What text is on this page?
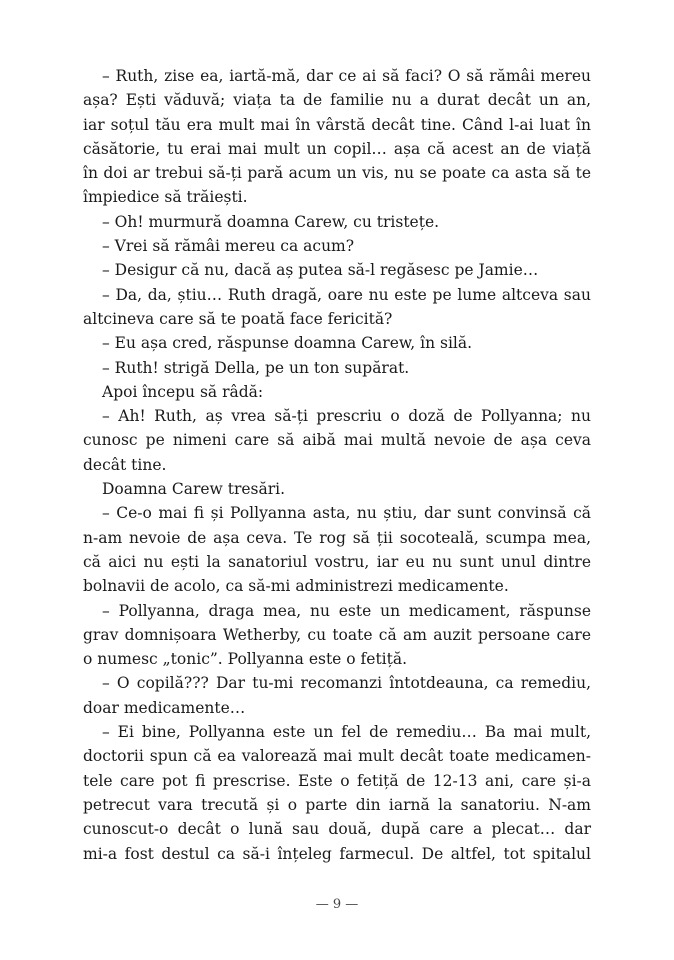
– Ruth, zise ea, iartă-mă, dar ce ai să faci? O să rămâi mereu
așa? Ești văduvă; viața ta de familie nu a durat decât un an,
iar soțul tău era mult mai în vârstă decât tine. Când l-ai luat în
căsătorie, tu erai mai mult un copil… așa că acest an de viață
în doi ar trebui să-ți pară acum un vis, nu se poate ca asta să te
împiedice să trăiești.
– Oh! murmură doamna Carew, cu tristețe.
– Vrei să rămâi mereu ca acum?
– Desigur că nu, dacă aș putea să-l regăsesc pe Jamie…
– Da, da, știu… Ruth dragă, oare nu este pe lume altceva sau
altcineva care să te poată face fericită?
– Eu așa cred, răspunse doamna Carew, în silă.
– Ruth! strigă Della, pe un ton supărat.
Apoi începu să râdă:
– Ah! Ruth, aș vrea să-ți prescriu o doză de Pollyanna; nu
cunosc pe nimeni care să aibă mai multă nevoie de așa ceva
decât tine.
Doamna Carew tresări.
– Ce-o mai fi și Pollyanna asta, nu știu, dar sunt convinsă că
n-am nevoie de așa ceva. Te rog să ții socoteală, scumpa mea,
că aici nu ești la sanatoriul vostru, iar eu nu sunt unul dintre
bolnavii de acolo, ca să-mi administrezi medicamente.
– Pollyanna, draga mea, nu este un medicament, răspunse
grav domnișoara Wetherby, cu toate că am auzit persoane care
o numesc „tonic”. Pollyanna este o fetiță.
– O copilă??? Dar tu-mi recomanzi întotdeauna, ca remediu,
doar medicamente…
– Ei bine, Pollyanna este un fel de remediu… Ba mai mult,
doctorii spun că ea valorează mai mult decât toate medicamen-
tele care pot fi prescrise. Este o fetiță de 12-13 ani, care și-a
petrecut vara trecută și o parte din iarnă la sanatoriu. N-am
cunoscut-o decât o lună sau două, după care a plecat… dar
mi-a fost destul ca să-i înțeleg farmecul. De altfel, tot spitalul
— 9 —
